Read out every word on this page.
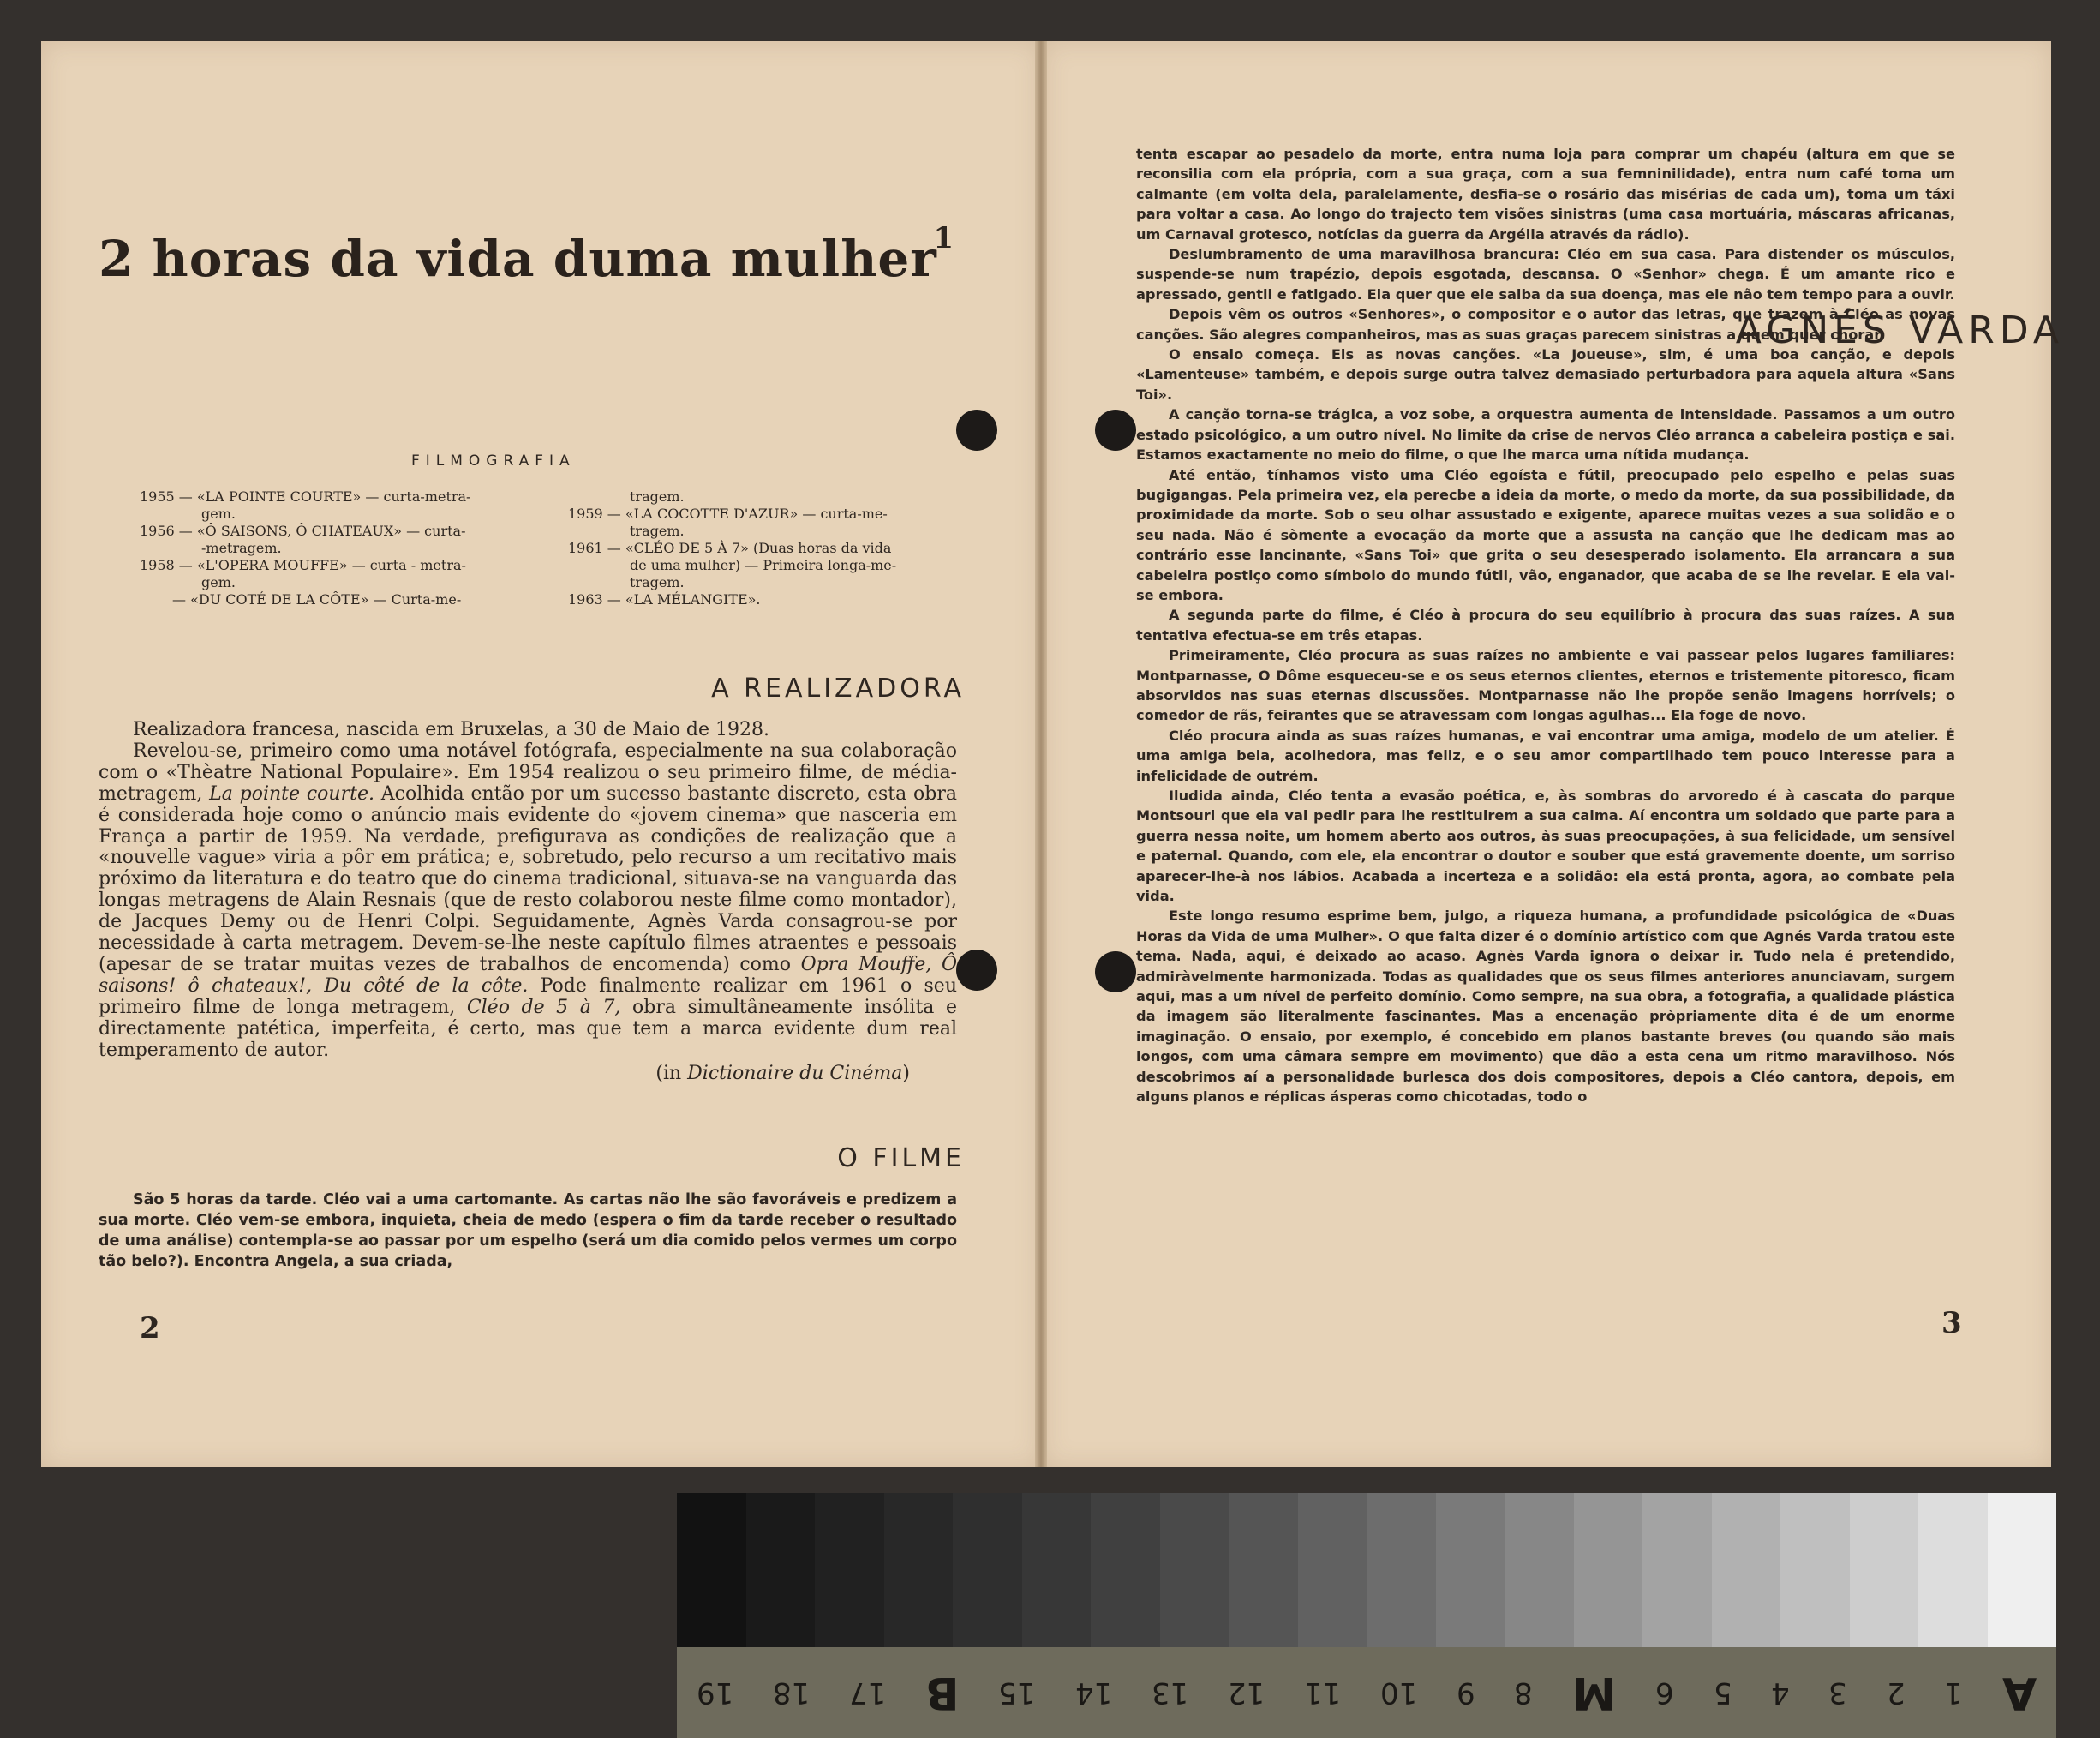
1
2 horas da vida duma mulher
AGNÉS VARDA
FILMOGRAFIA
1955 — «LA POINTE COURTE» — curta-metra-
gem.
1956 — «Ô SAISONS, Ô CHATEAUX» — curta-
-metragem.
1958 — «L'OPERA MOUFFE» — curta - metra-
gem.
— «DU COTÉ DE LA CÔTE» — Curta-me-
tragem.
1959 — «LA COCOTTE D'AZUR» — curta-me-
tragem.
1961 — «CLÉO DE 5 À 7» (Duas horas da vida
de uma mulher) — Primeira longa-me-
tragem.
1963 — «LA MÉLANGITE».
A REALIZADORA

Realizadora francesa, nascida em Bruxelas, a 30 de Maio de 1928.

Revelou-se, primeiro como uma notável fotógrafa, especialmente na sua colaboração com o «Thèatre National Populaire». Em 1954 realizou o seu primeiro filme, de média-metragem, La pointe courte. Acolhida então por um sucesso bastante discreto, esta obra é considerada hoje como o anúncio mais evidente do «jovem cinema» que nasceria em França a partir de 1959. Na verdade, prefigurava as condições de realização que a «nouvelle vague» viria a pôr em prática; e, sobretudo, pelo recurso a um recitativo mais próximo da literatura e do teatro que do cinema tradicional, situava-se na vanguarda das longas metragens de Alain Resnais (que de resto colaborou neste filme como montador), de Jacques Demy ou de Henri Colpi. Seguidamente, Agnès Varda consagrou-se por necessidade à carta metragem. Devem-se-lhe neste capítulo filmes atraentes e pessoais (apesar de se tratar muitas vezes de trabalhos de encomenda) como Opra Mouffe, Ô saisons! ô chateaux!, Du côté de la côte. Pode finalmente realizar em 1961 o seu primeiro filme de longa metragem, Cléo de 5 à 7, obra simultâneamente insólita e directamente patética, imperfeita, é certo, mas que tem a marca evidente dum real temperamento de autor.

(in Dictionaire du Cinéma)

O FILME

São 5 horas da tarde. Cléo vai a uma cartomante. As cartas não lhe são favoráveis e predizem a sua morte. Cléo vem-se embora, inquieta, cheia de medo (espera o fim da tarde receber o resultado de uma análise) contempla-se ao passar por um espelho (será um dia comido pelos vermes um corpo tão belo?). Encontra Angela, a sua criada,

2

tenta escapar ao pesadelo da morte, entra numa loja para comprar um chapéu (altura em que se reconsilia com ela própria, com a sua graça, com a sua femninilidade), entra num café toma um calmante (em volta dela, paralelamente, desfia-se o rosário das misérias de cada um), toma um táxi para voltar a casa. Ao longo do trajecto tem visões sinistras (uma casa mortuária, máscaras africanas, um Carnaval grotesco, notícias da guerra da Argélia através da rádio).

Deslumbramento de uma maravilhosa brancura: Cléo em sua casa. Para distender os músculos, suspende-se num trapézio, depois esgotada, descansa. O «Senhor» chega. É um amante rico e apressado, gentil e fatigado. Ela quer que ele saiba da sua doença, mas ele não tem tempo para a ouvir.

Depois vêm os outros «Senhores», o compositor e o autor das letras, que trazem à Cléo as novas canções. São alegres companheiros, mas as suas graças parecem sinistras a quem quer chorar.

O ensaio começa. Eis as novas canções. «La Joueuse», sim, é uma boa canção, e depois «Lamenteuse» também, e depois surge outra talvez demasiado perturbadora para aquela altura «Sans Toi».

A canção torna-se trágica, a voz sobe, a orquestra aumenta de intensidade. Passamos a um outro estado psicológico, a um outro nível. No limite da crise de nervos Cléo arranca a cabeleira postiça e sai. Estamos exactamente no meio do filme, o que lhe marca uma nítida mudança.

Até então, tínhamos visto uma Cléo egoísta e fútil, preocupado pelo espelho e pelas suas bugigangas. Pela primeira vez, ela perecbe a ideia da morte, o medo da morte, da sua possibilidade, da proximidade da morte. Sob o seu olhar assustado e exigente, aparece muitas vezes a sua solidão e o seu nada. Não é sòmente a evocação da morte que a assusta na canção que lhe dedicam mas ao contrário esse lancinante, «Sans Toi» que grita o seu desesperado isolamento. Ela arrancara a sua cabeleira postiço como símbolo do mundo fútil, vão, enganador, que acaba de se lhe revelar. E ela vai-se embora.

A segunda parte do filme, é Cléo à procura do seu equilíbrio à procura das suas raízes. A sua tentativa efectua-se em três etapas.

Primeiramente, Cléo procura as suas raízes no ambiente e vai passear pelos lugares familiares: Montparnasse, O Dôme esqueceu-se e os seus eternos clientes, eternos e tristemente pitoresco, ficam absorvidos nas suas eternas discussões. Montparnasse não lhe propõe senão imagens horríveis; o comedor de rãs, feirantes que se atravessam com longas agulhas... Ela foge de novo.

Cléo procura ainda as suas raízes humanas, e vai encontrar uma amiga, modelo de um atelier. É uma amiga bela, acolhedora, mas feliz, e o seu amor compartilhado tem pouco interesse para a infelicidade de outrém.

Iludida ainda, Cléo tenta a evasão poética, e, às sombras do arvoredo é à cascata do parque Montsouri que ela vai pedir para lhe restituirem a sua calma. Aí encontra um soldado que parte para a guerra nessa noite, um homem aberto aos outros, às suas preocupações, à sua felicidade, um sensível e paternal. Quando, com ele, ela encontrar o doutor e souber que está gravemente doente, um sorriso aparecer-lhe-à nos lábios. Acabada a incerteza e a solidão: ela está pronta, agora, ao combate pela vida.

Este longo resumo esprime bem, julgo, a riqueza humana, a profundidade psicológica de «Duas Horas da Vida de uma Mulher». O que falta dizer é o domínio artístico com que Agnés Varda tratou este tema. Nada, aqui, é deixado ao acaso. Agnès Varda ignora o deixar ir. Tudo nela é pretendido, admiràvelmente harmonizada. Todas as qualidades que os seus filmes anteriores anunciavam, surgem aqui, mas a um nível de perfeito domínio. Como sempre, na sua obra, a fotografia, a qualidade plástica da imagem são literalmente fascinantes. Mas a encenação pròpriamente dita é de um enorme imaginação. O ensaio, por exemplo, é concebido em planos bastante breves (ou quando são mais longos, com uma câmara sempre em movimento) que dão a esta cena um ritmo maravilhoso. Nós descobrimos aí a personalidade burlesca dos dois compositores, depois a Cléo cantora, depois, em alguns planos e réplicas ásperas como chicotadas, todo o

3
19 18 17 B 15 14 13 12 11 10 9 8 M 6 5 4 3 2 1 A
